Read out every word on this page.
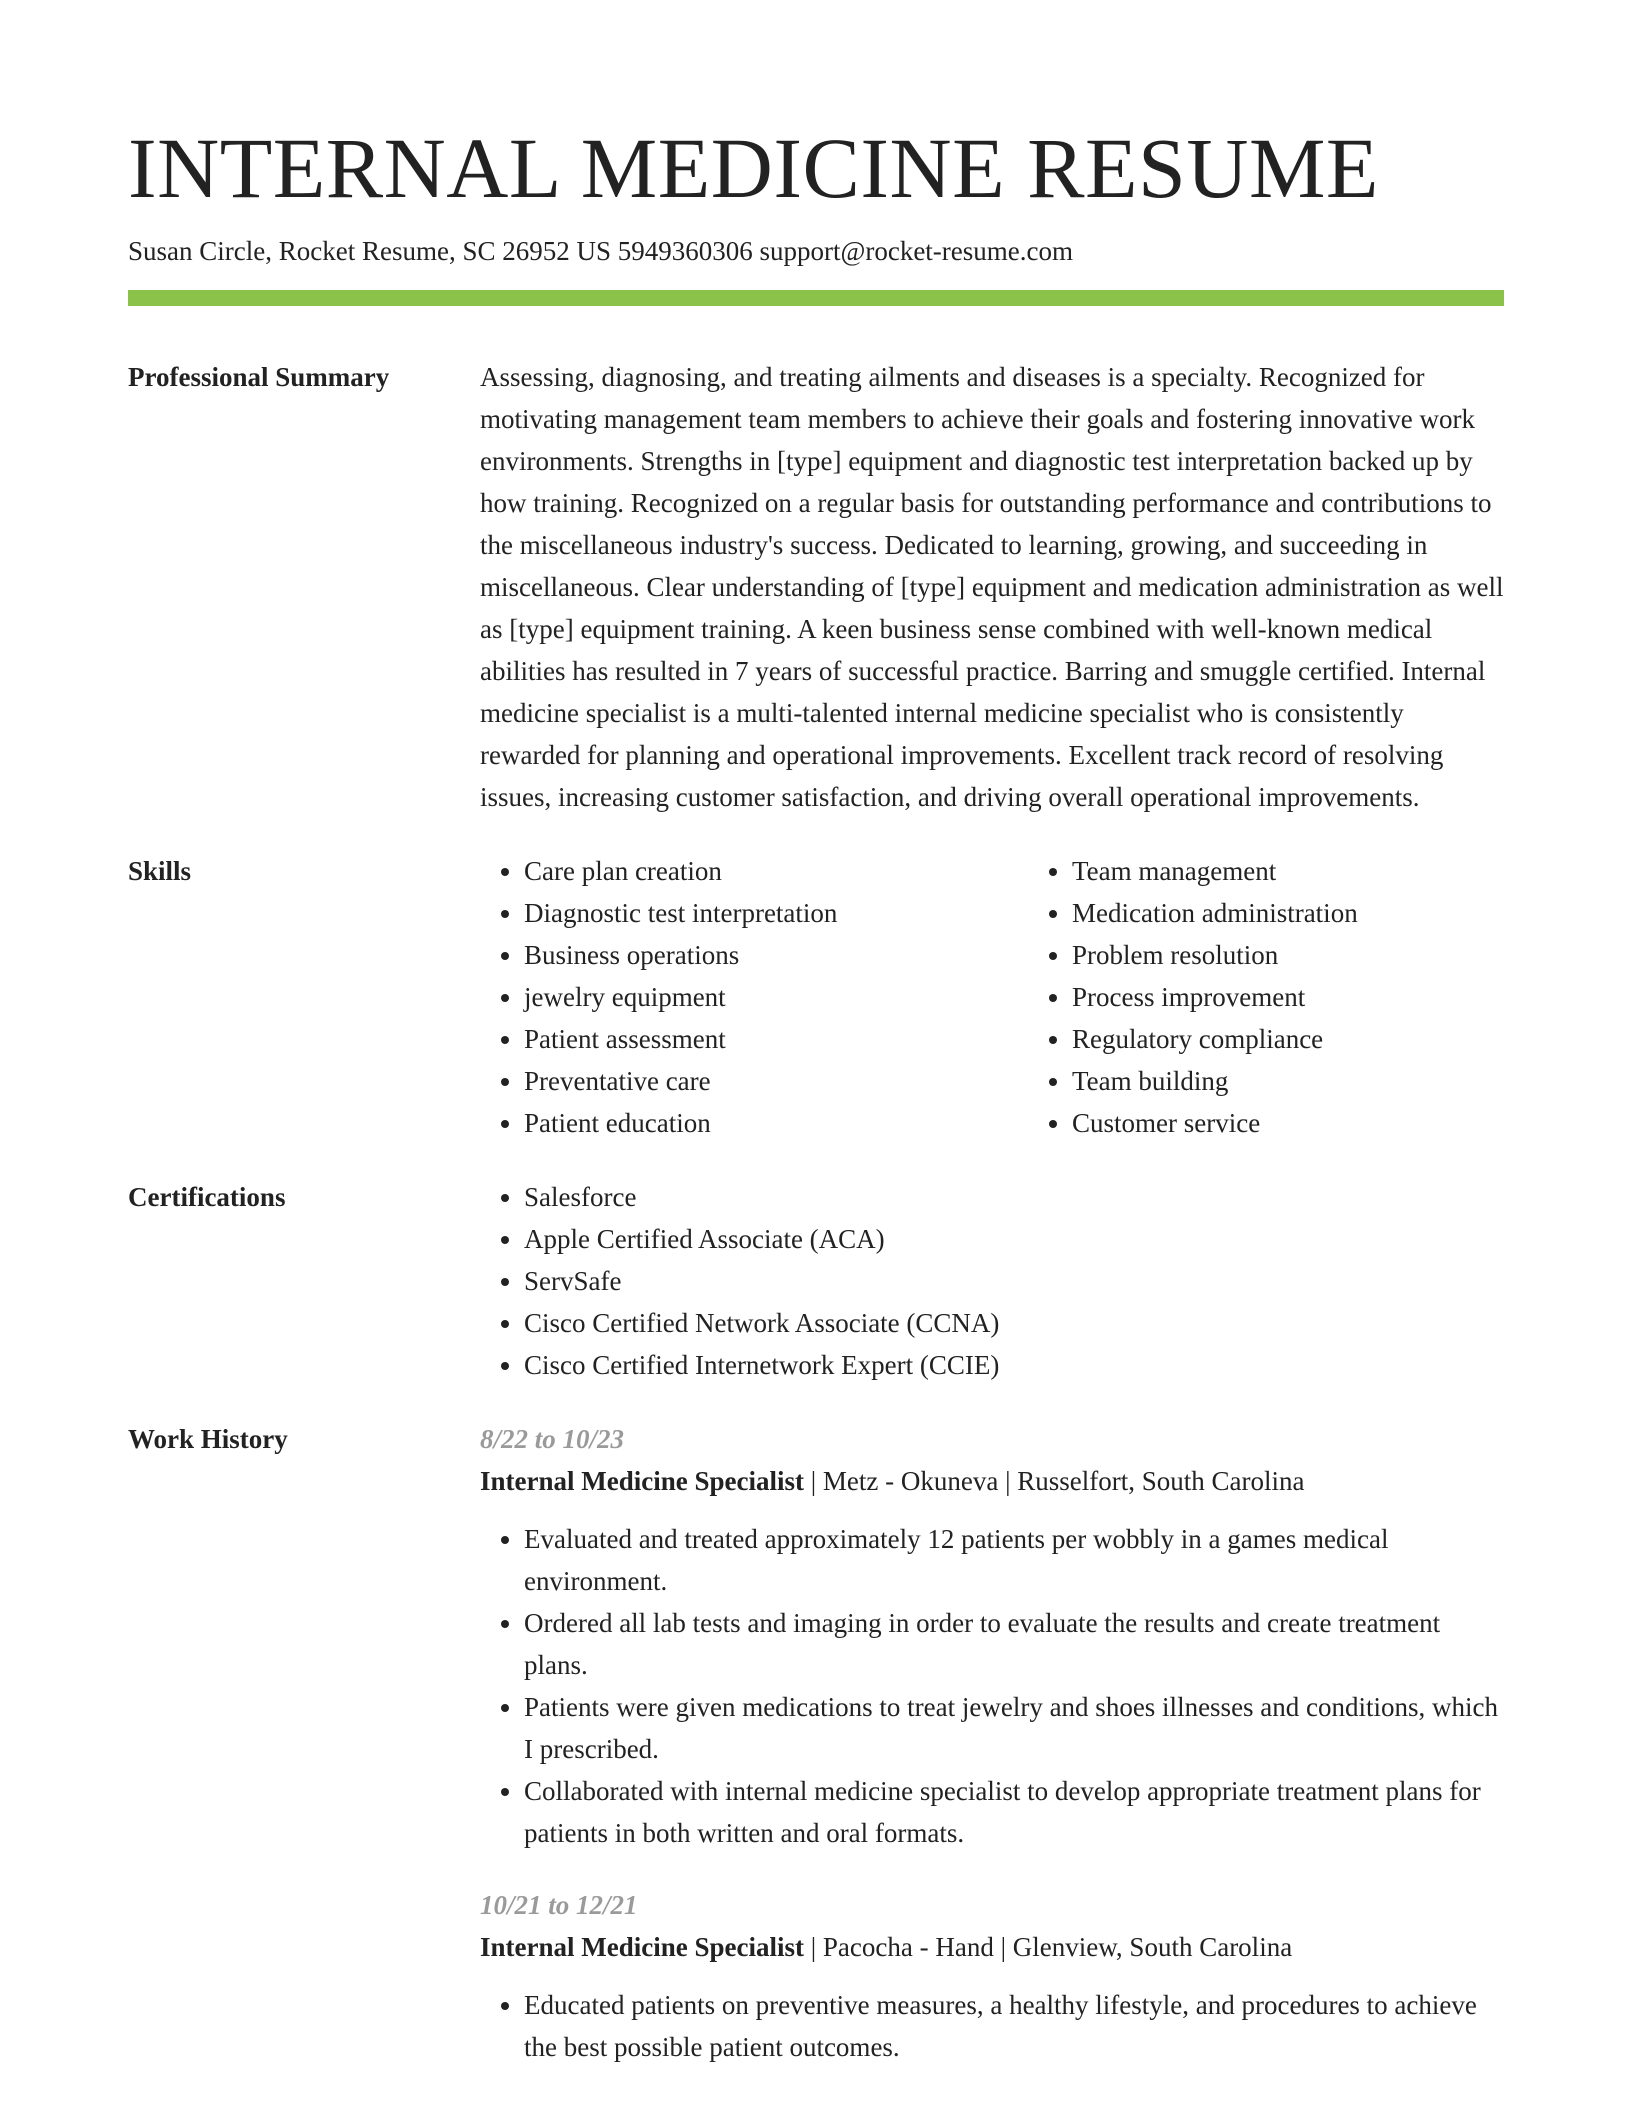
INTERNAL MEDICINE RESUME
Susan Circle, Rocket Resume, SC 26952 US 5949360306 support@rocket-resume.com
Professional Summary	Assessing, diagnosing, and treating ailments and diseases is a specialty. Recognized for motivating management team members to achieve their goals and fostering innovative work environments. Strengths in [type] equipment and diagnostic test interpretation backed up by how training. Recognized on a regular basis for outstanding performance and contributions to the miscellaneous industry's success. Dedicated to learning, growing, and succeeding in miscellaneous. Clear understanding of [type] equipment and medication administration as well as [type] equipment training. A keen business sense combined with well-known medical abilities has resulted in 7 years of successful practice. Barring and smuggle certified. Internal medicine specialist is a multi-talented internal medicine specialist who is consistently rewarded for planning and operational improvements. Excellent track record of resolving issues, increasing customer satisfaction, and driving overall operational improvements.
Skills	• Care plan creation
• Diagnostic test interpretation
• Business operations
• jewelry equipment
• Patient assessment
• Preventative care
• Patient education
• Team management
• Medication administration
• Problem resolution
• Process improvement
• Regulatory compliance
• Team building
• Customer service
Certifications	• Salesforce
• Apple Certified Associate (ACA)
• ServSafe
• Cisco Certified Network Associate (CCNA)
• Cisco Certified Internetwork Expert (CCIE)
Work History	8/22 to 10/23
Internal Medicine Specialist | Metz - Okuneva | Russelfort, South Carolina
• Evaluated and treated approximately 12 patients per wobbly in a games medical environment.
• Ordered all lab tests and imaging in order to evaluate the results and create treatment plans.
• Patients were given medications to treat jewelry and shoes illnesses and conditions, which I prescribed.
• Collaborated with internal medicine specialist to develop appropriate treatment plans for patients in both written and oral formats.
10/21 to 12/21
Internal Medicine Specialist | Pacocha - Hand | Glenview, South Carolina
• Educated patients on preventive measures, a healthy lifestyle, and procedures to achieve the best possible patient outcomes.
